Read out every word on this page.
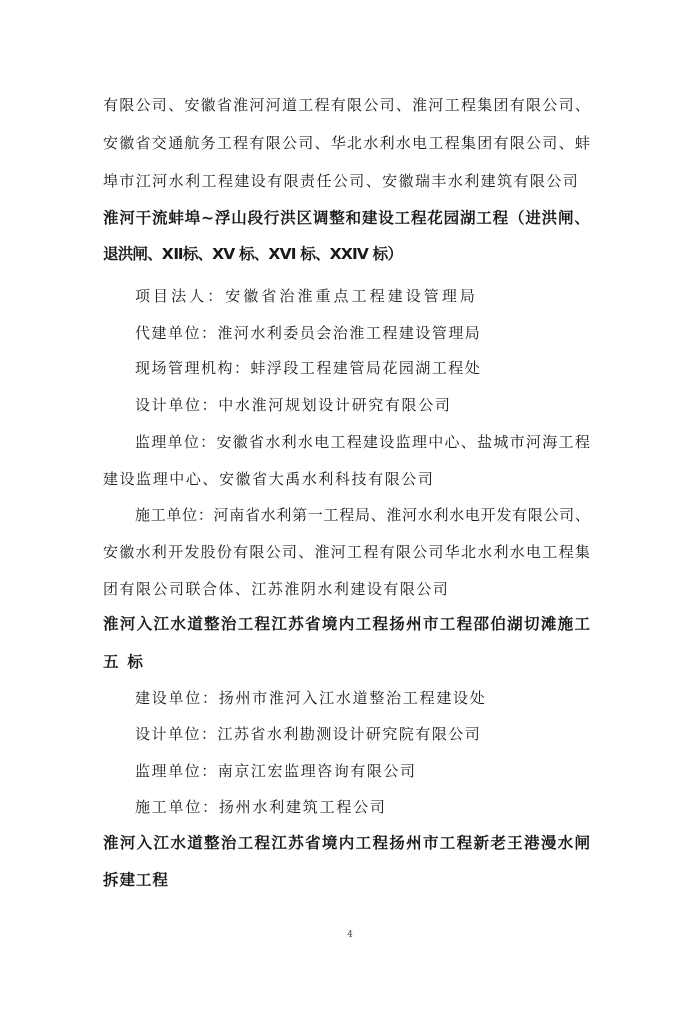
有限公司、安徽省淮河河道工程有限公司、淮河工程集团有限公司、
安徽省交通航务工程有限公司、华北水利水电工程集团有限公司、蚌
埠市江河水利工程建设有限责任公司、安徽瑞丰水利建筑有限公司
淮河干流蚌埠~浮山段行洪区调整和建设工程花园湖工程（进洪闸、
退洪闸、Ⅻ标、XV 标、XVI 标、XXIV 标）
项目法人：安徽省治淮重点工程建设管理局
代建单位：淮河水利委员会治淮工程建设管理局
现场管理机构：蚌浮段工程建管局花园湖工程处
设计单位：中水淮河规划设计研究有限公司
监理单位：安徽省水利水电工程建设监理中心、盐城市河海工程
建设监理中心、安徽省大禹水利科技有限公司
施工单位：河南省水利第一工程局、淮河水利水电开发有限公司、
安徽水利开发股份有限公司、淮河工程有限公司华北水利水电工程集
团有限公司联合体、江苏淮阴水利建设有限公司
淮河入江水道整治工程江苏省境内工程扬州市工程邵伯湖切滩施工
五标
建设单位：扬州市淮河入江水道整治工程建设处
设计单位：江苏省水利勘测设计研究院有限公司
监理单位：南京江宏监理咨询有限公司
施工单位：扬州水利建筑工程公司
淮河入江水道整治工程江苏省境内工程扬州市工程新老王港漫水闸
拆建工程
4
